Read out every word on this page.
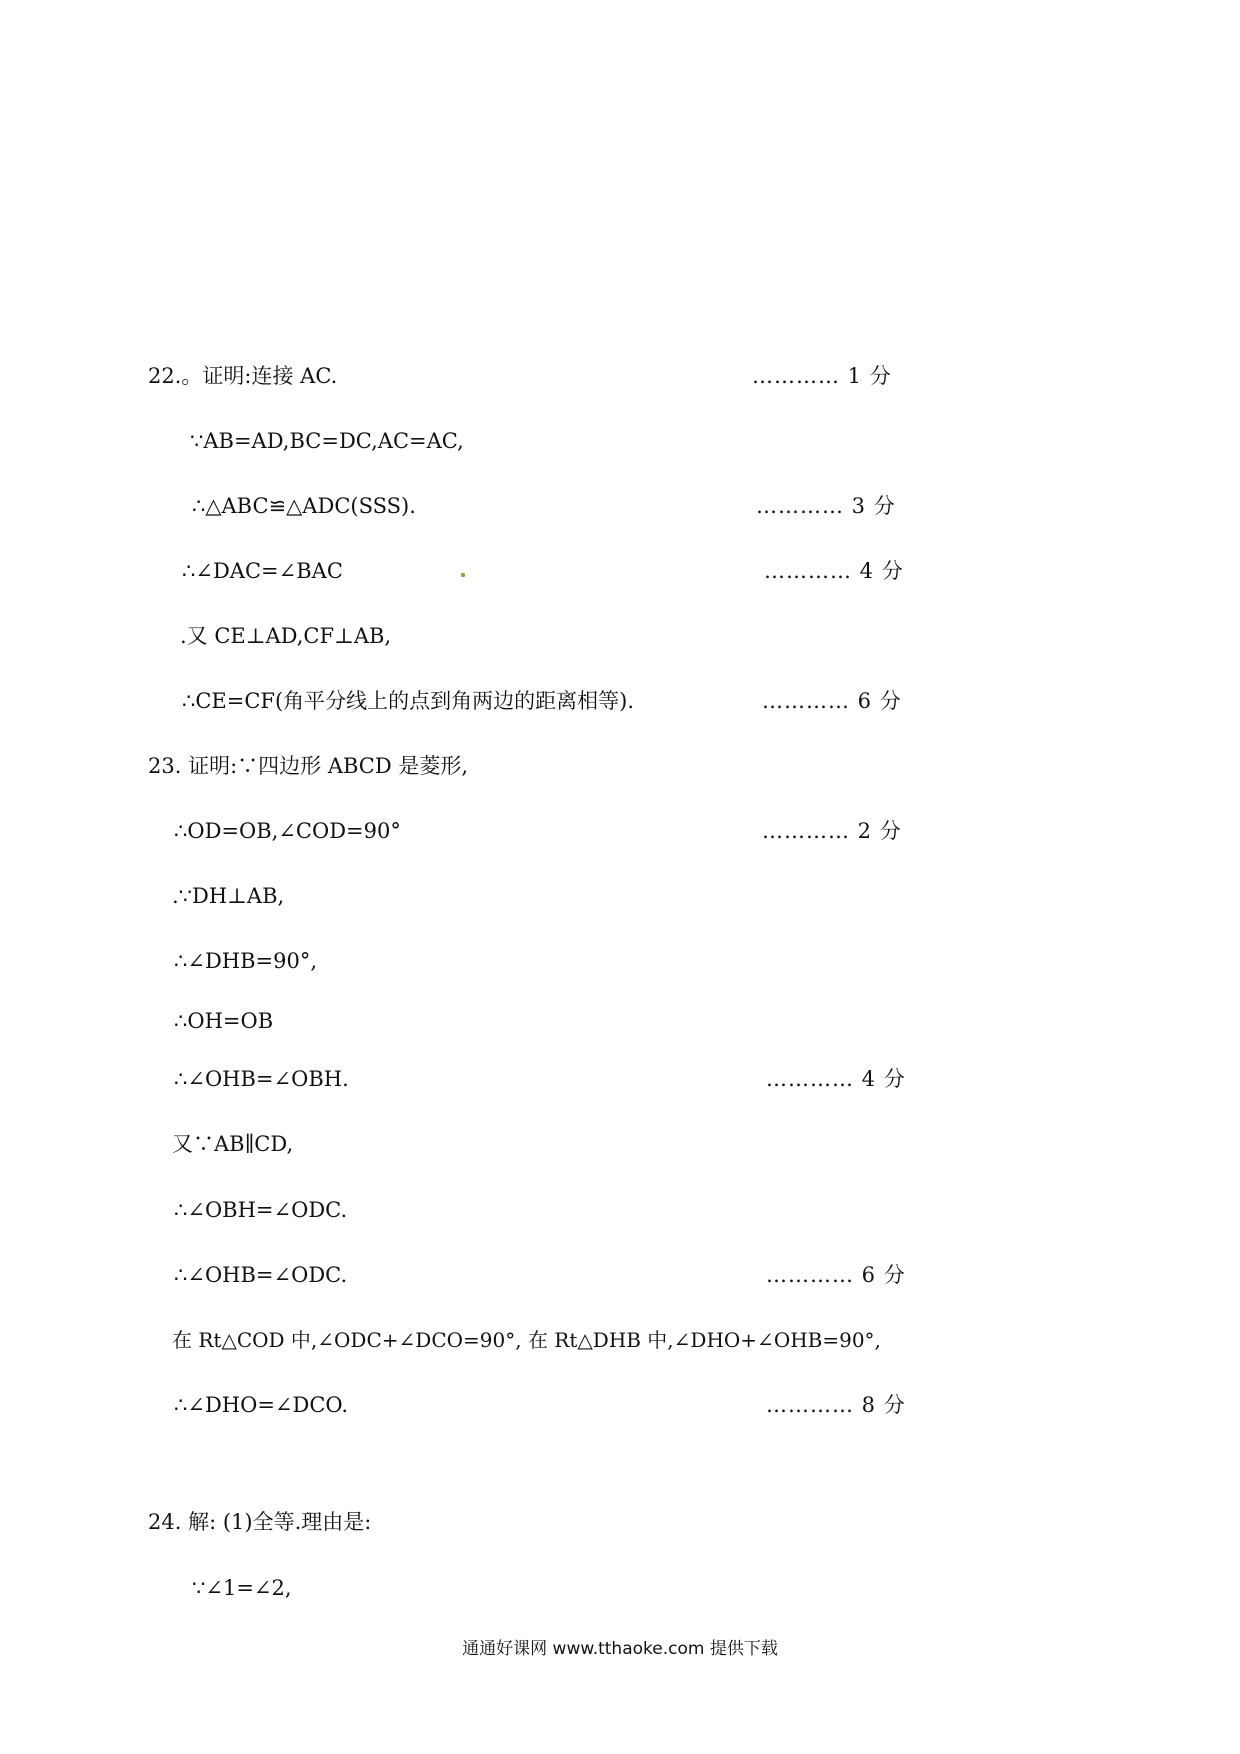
22.。证明:连接 AC.	………… 1 分
∵AB=AD,BC=DC,AC=AC,
∴△ABC≌△ADC(SSS).	………… 3 分
∴∠DAC=∠BAC	………… 4 分
.又 CE⊥AD,CF⊥AB,
∴CE=CF(角平分线上的点到角两边的距离相等).	………… 6 分
23. 证明:∵四边形 ABCD 是菱形,
∴OD=OB,∠COD=90°	………… 2 分
.∵DH⊥AB,
∴∠DHB=90°,
∴OH=OB
∴∠OHB=∠OBH.	………… 4 分
又∵AB∥CD,
∴∠OBH=∠ODC.
∴∠OHB=∠ODC.	………… 6 分
在 Rt△COD 中,∠ODC+∠DCO=90°, 在 Rt△DHB 中,∠DHO+∠OHB=90°,
∴∠DHO=∠DCO.	………… 8 分
24. 解: (1)全等.理由是:
∵∠1=∠2,
通通好课网 www.tthaoke.com 提供下载
